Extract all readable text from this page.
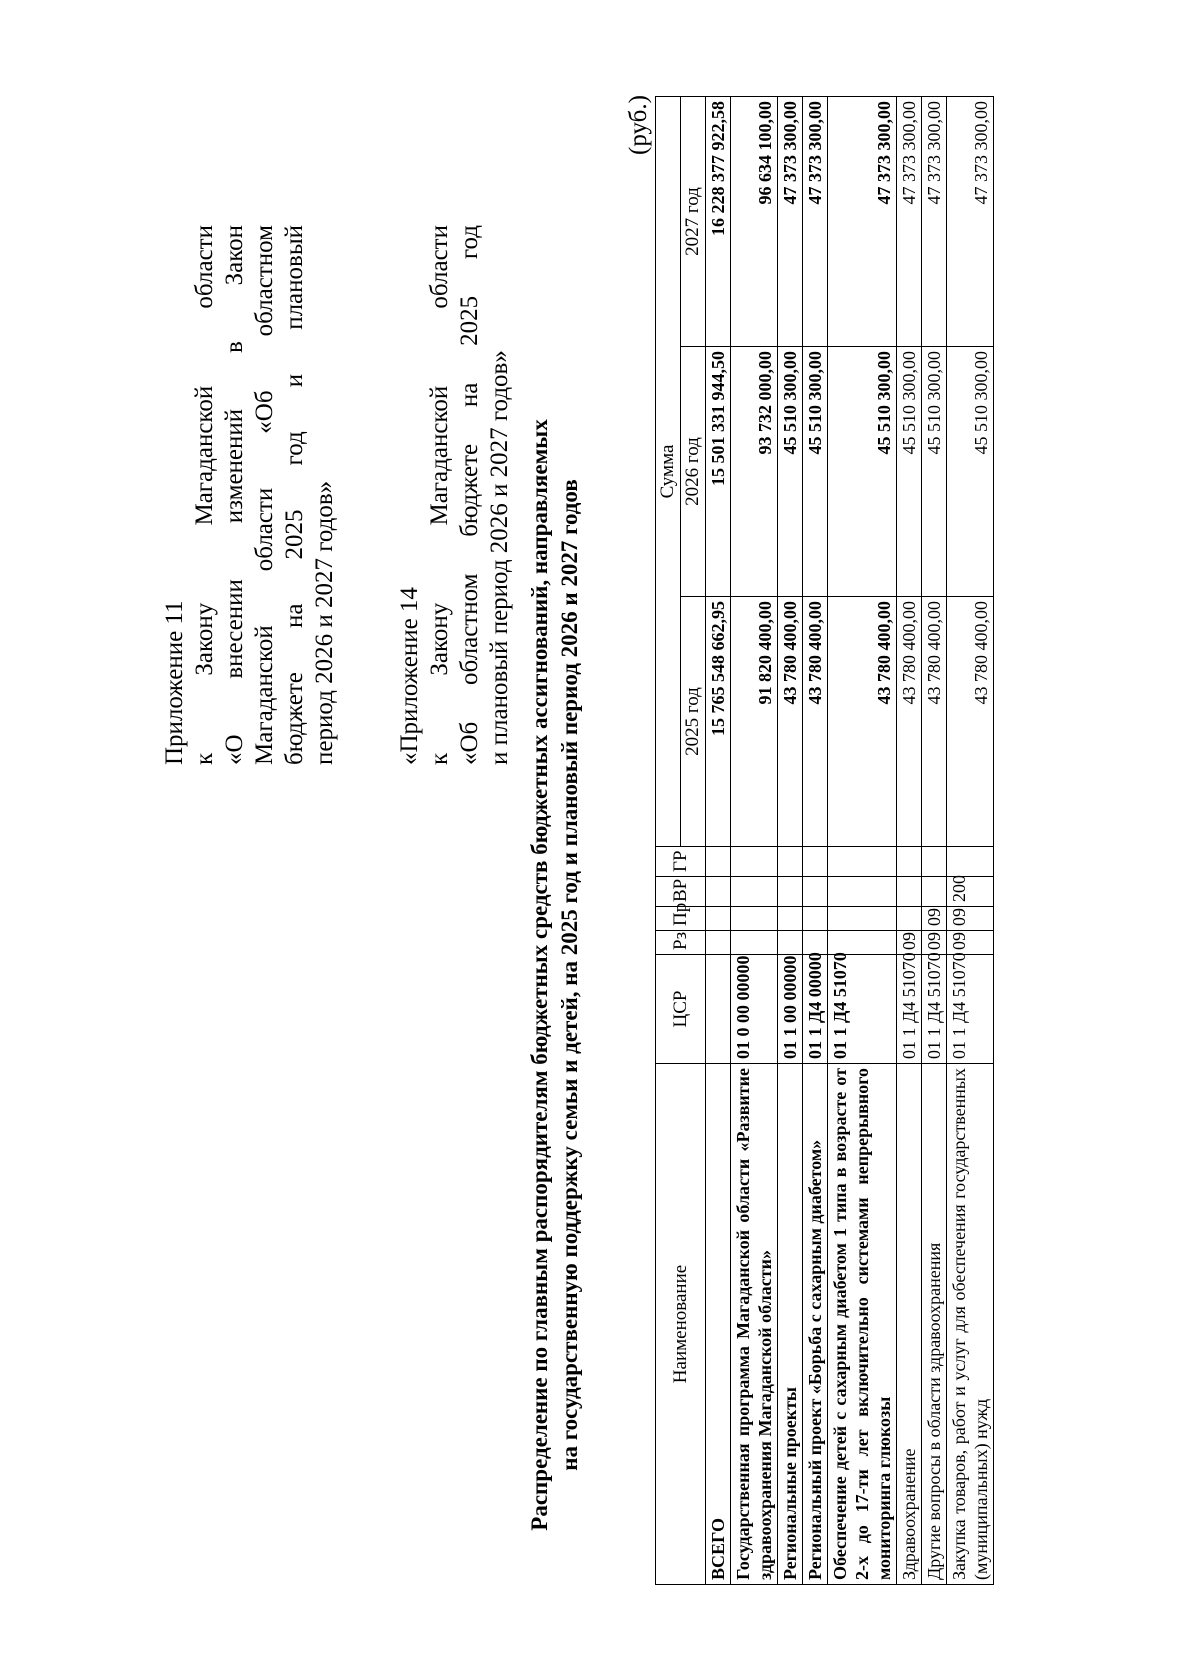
Приложение 11 к Закону Магаданской области «О внесении изменений в Закон Магаданской области «Об областном бюджете на 2025 год и плановый период 2026 и 2027 годов» «Приложение 14 к Закону Магаданской области «Об областном бюджете на 2025 год и плановый период 2026 и 2027 годов» Распределение по главным распорядителям бюджетных средств бюджетных ассигнований, направляемых на государственную поддержку семьи и детей, на 2025 год и плановый период 2026 и 2027 годов
(руб.)
Наименование	ЦСР	Рз	Пр	ВР	ГР	Сумма		
						2025 год	2026 год	2027 год
ВСЕГО						15 765 548 662,95	15 501 331 944,50	16 228 377 922,58
Государственная программа Магаданской области «Развитие здравоохранения Магаданской области»	01 0 00 00000					91 820 400,00	93 732 000,00	96 634 100,00
Региональные проекты	01 1 00 00000					43 780 400,00	45 510 300,00	47 373 300,00
Региональный проект «Борьба с сахарным диабетом»	01 1 Д4 00000					43 780 400,00	45 510 300,00	47 373 300,00
Обеспечение детей с сахарным диабетом 1 типа в возрасте от 2-х до 17-ти лет включительно системами непрерывного мониторинга глюкозы	01 1 Д4 51070					43 780 400,00	45 510 300,00	47 373 300,00
Здравоохранение	01 1 Д4 51070	09				43 780 400,00	45 510 300,00	47 373 300,00
Другие вопросы в области здравоохранения	01 1 Д4 51070	09	09			43 780 400,00	45 510 300,00	47 373 300,00
Закупка товаров, работ и услуг для обеспечения государственных (муниципальных) нужд	01 1 Д4 51070	09	09	200		43 780 400,00	45 510 300,00	47 373 300,00
